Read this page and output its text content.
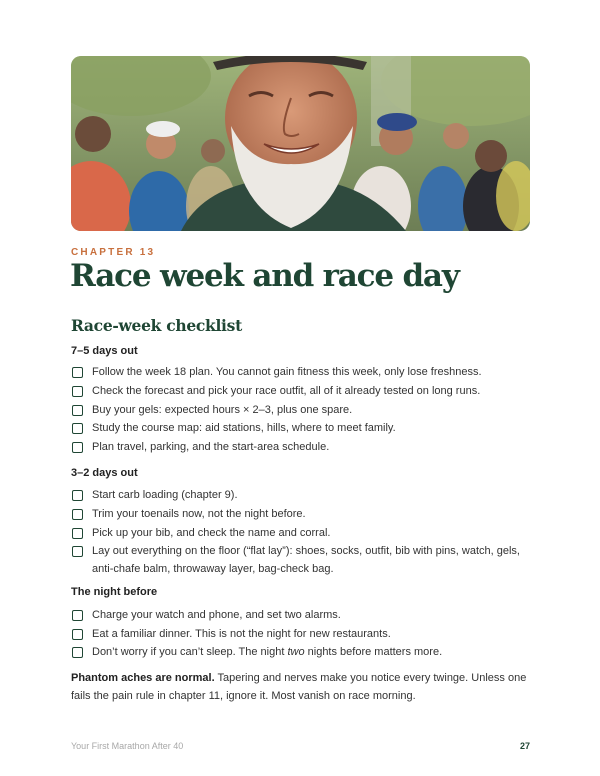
CHAPTER 13
Race week and race day
Race-week checklist
7–5 days out
Follow the week 18 plan. You cannot gain fitness this week, only lose freshness.
Check the forecast and pick your race outfit, all of it already tested on long runs.
Buy your gels: expected hours × 2–3, plus one spare.
Study the course map: aid stations, hills, where to meet family.
Plan travel, parking, and the start-area schedule.
3–2 days out
Start carb loading (chapter 9).
Trim your toenails now, not the night before.
Pick up your bib, and check the name and corral.
Lay out everything on the floor (“flat lay”): shoes, socks, outfit, bib with pins, watch, gels, anti-chafe balm, throwaway layer, bag-check bag.
The night before
Charge your watch and phone, and set two alarms.
Eat a familiar dinner. This is not the night for new restaurants.
Don’t worry if you can’t sleep. The night two nights before matters more.

Phantom aches are normal. Tapering and nerves make you notice every twinge. Unless one fails the pain rule in chapter 11, ignore it. Most vanish on race morning.

Your First Marathon After 40	27
